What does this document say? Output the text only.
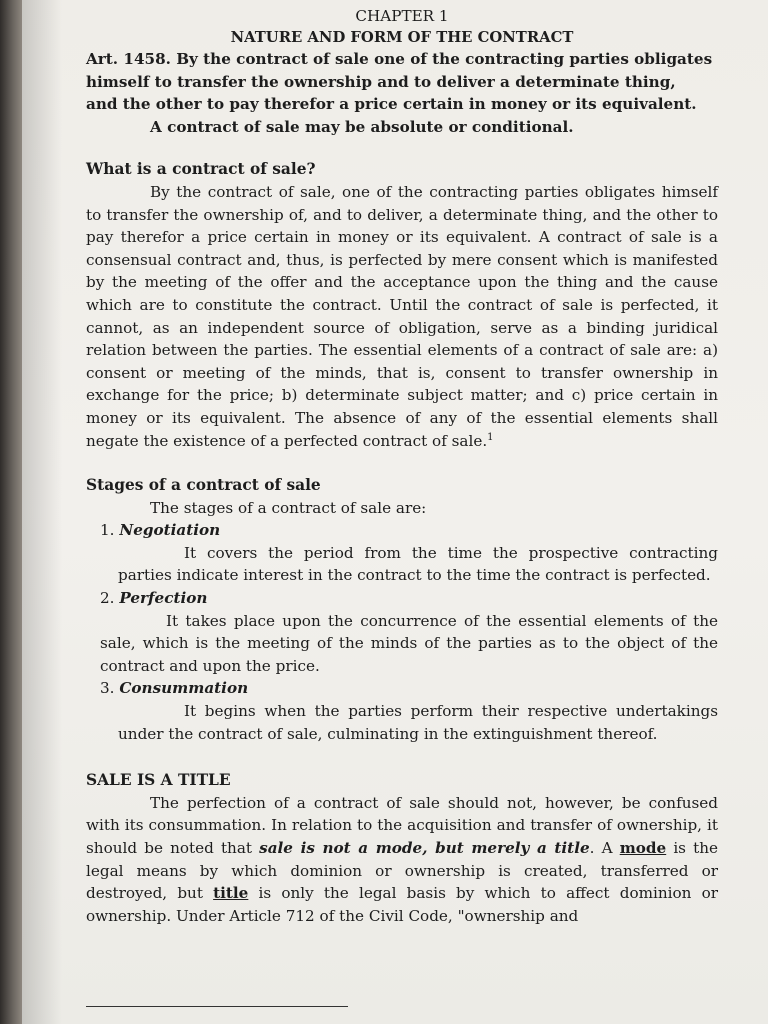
CHAPTER 1

NATURE AND FORM OF THE CONTRACT

Art. 1458. By the contract of sale one of the contracting parties obligates
himself to transfer the ownership and to deliver a determinate thing,
and the other to pay therefor a price certain in money or its equivalent.
A contract of sale may be absolute or conditional.

What is a contract of sale?

By the contract of sale, one of the contracting parties obligates himself to transfer the ownership of, and to deliver, a determinate thing, and the other to pay therefor a price certain in money or its equivalent. A contract of sale is a consensual contract and, thus, is perfected by mere consent which is manifested by the meeting of the offer and the acceptance upon the thing and the cause which are to constitute the contract. Until the contract of sale is perfected, it cannot, as an independent source of obligation, serve as a binding juridical relation between the parties. The essential elements of a contract of sale are: a) consent or meeting of the minds, that is, consent to transfer ownership in exchange for the price; b) determinate subject matter; and c) price certain in money or its equivalent. The absence of any of the essential elements shall negate the existence of a perfected contract of sale.$^1$

Stages of a contract of sale

The stages of a contract of sale are:

1. Negotiation

It covers the period from the time the prospective contracting parties indicate interest in the contract to the time the contract is perfected.

2. Perfection

It takes place upon the concurrence of the essential elements of the sale, which is the meeting of the minds of the parties as to the object of the contract and upon the price.

3. Consummation

It begins when the parties perform their respective undertakings under the contract of sale, culminating in the extinguishment thereof.

SALE IS A TITLE

The perfection of a contract of sale should not, however, be confused with its consummation. In relation to the acquisition and transfer of ownership, it should be noted that sale is not a mode, but merely a title. A mode is the legal means by which dominion or ownership is created, transferred or destroyed, but title is only the legal basis by which to affect dominion or ownership. Under Article 712 of the Civil Code, "ownership and
